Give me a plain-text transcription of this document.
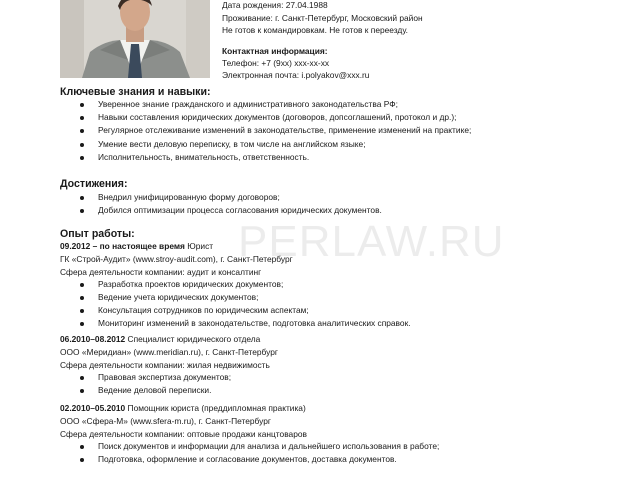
Дата рождения: 27.04.1988
Проживание: г. Санкт-Петербург, Московский район
Не готов к командировкам. Не готов к переезду.
Контактная информация:
Телефон: +7 (9хх) ххх-хх-хх
Электронная почта: i.polyakov@xxx.ru
Ключевые знания и навыки:
Уверенное знание гражданского и административного законодательства РФ;
Навыки составления юридических документов (договоров, допсоглашений, протокол и др.);
Регулярное отслеживание изменений в законодательстве, применение изменений на практике;
Умение вести деловую переписку, в том числе на английском языке;
Исполнительность, внимательность, ответственность.
Достижения:
Внедрил унифицированную форму договоров;
Добился оптимизации процесса согласования юридических документов.
PERLAW.RU
Опыт работы:
09.2012 – по настоящее время Юрист
ГК «Строй-Аудит» (www.stroy-audit.com), г. Санкт-Петербург
Сфера деятельности компании: аудит и консалтинг
Разработка проектов юридических документов;
Ведение учета юридических документов;
Консультация сотрудников по юридическим аспектам;
Мониторинг изменений в законодательстве, подготовка аналитических справок.
06.2010–08.2012 Специалист юридического отдела
ООО «Меридиан» (www.meridian.ru), г. Санкт-Петербург
Сфера деятельности компании: жилая недвижимость
Правовая экспертиза документов;
Ведение деловой переписки.
02.2010–05.2010 Помощник юриста (преддипломная практика)
ООО «Сфера-М» (www.sfera-m.ru), г. Санкт-Петербург
Сфера деятельности компании: оптовые продажи канцтоваров
Поиск документов и информации для анализа и дальнейшего использования в работе;
Подготовка, оформление и согласование документов, доставка документов.
